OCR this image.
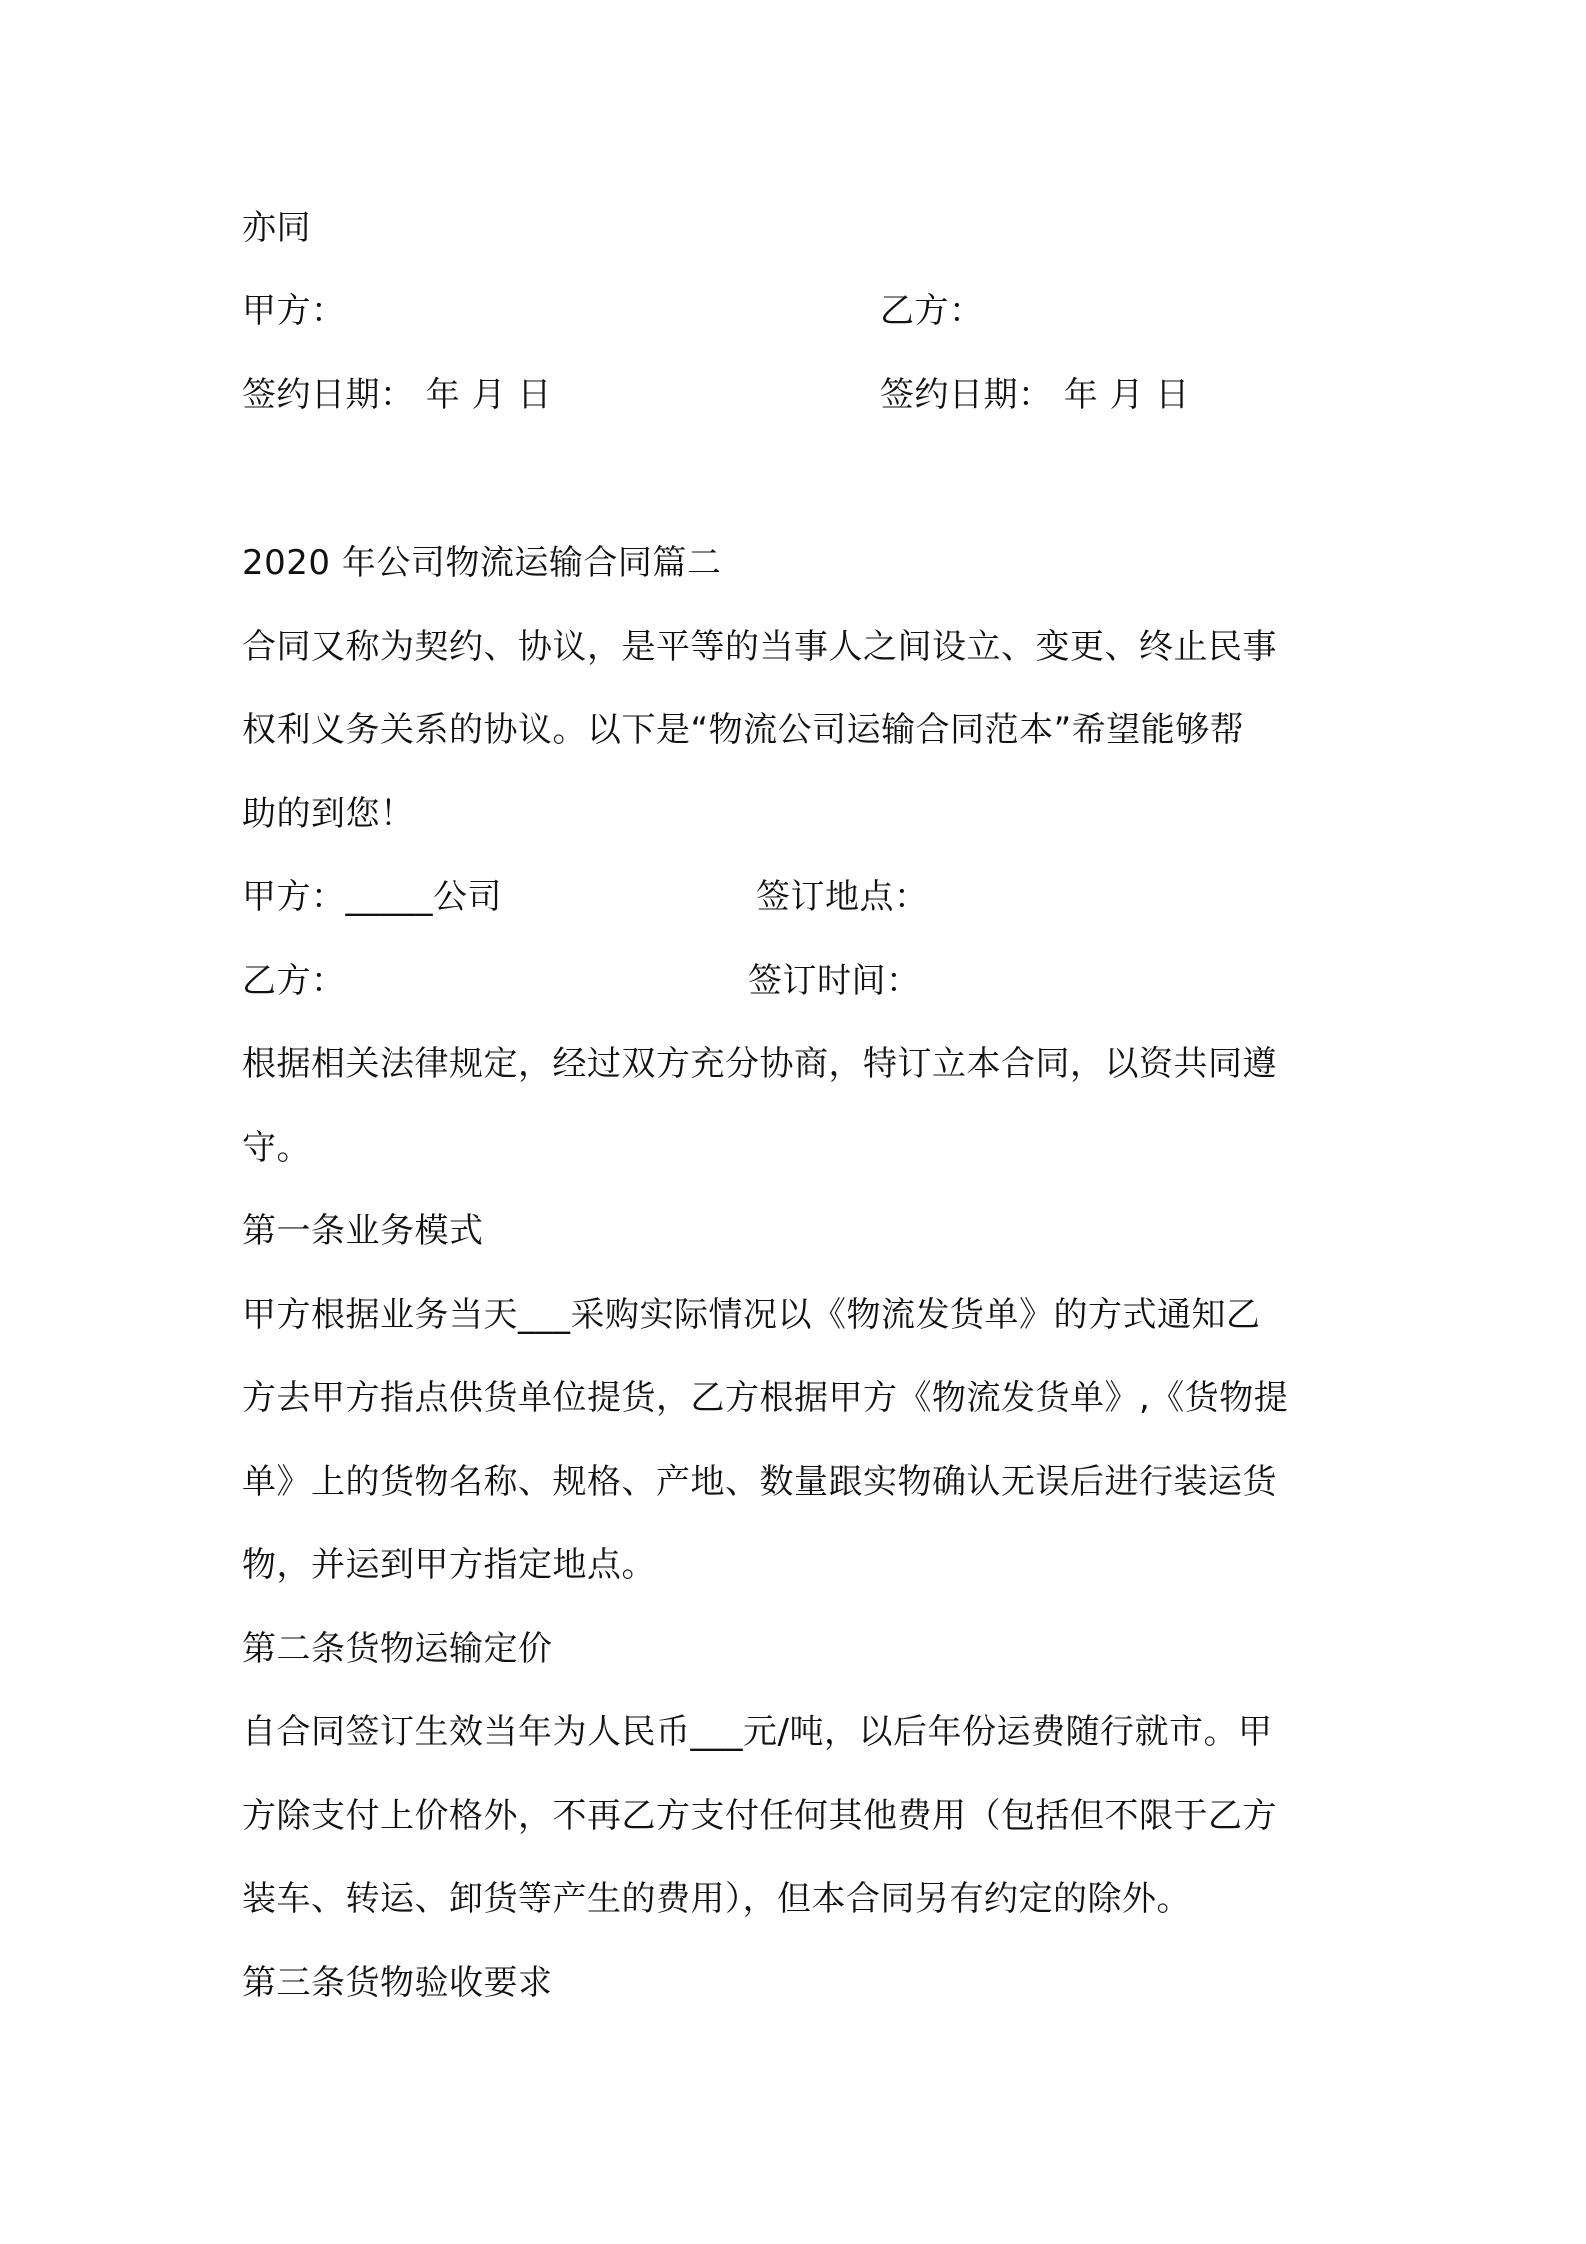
亦同
甲方：	乙方：
签约日期： 年 月 日	签约日期： 年 月 日
2020 年公司物流运输合同篇二
合同又称为契约、协议，是平等的当事人之间设立、变更、终止民事
权利义务关系的协议。以下是“物流公司运输合同范本”希望能够帮
助的到您！
甲方：_____公司	签订地点：
乙方：	签订时间：
根据相关法律规定，经过双方充分协商，特订立本合同，以资共同遵
守。
第一条业务模式
甲方根据业务当天___采购实际情况以《物流发货单》的方式通知乙
方去甲方指点供货单位提货，乙方根据甲方《物流发货单》,《货物提
单》上的货物名称、规格、产地、数量跟实物确认无误后进行装运货
物，并运到甲方指定地点。
第二条货物运输定价
自合同签订生效当年为人民币___元/吨，以后年份运费随行就市。甲
方除支付上价格外，不再乙方支付任何其他费用（包括但不限于乙方
装车、转运、卸货等产生的费用），但本合同另有约定的除外。
第三条货物验收要求
